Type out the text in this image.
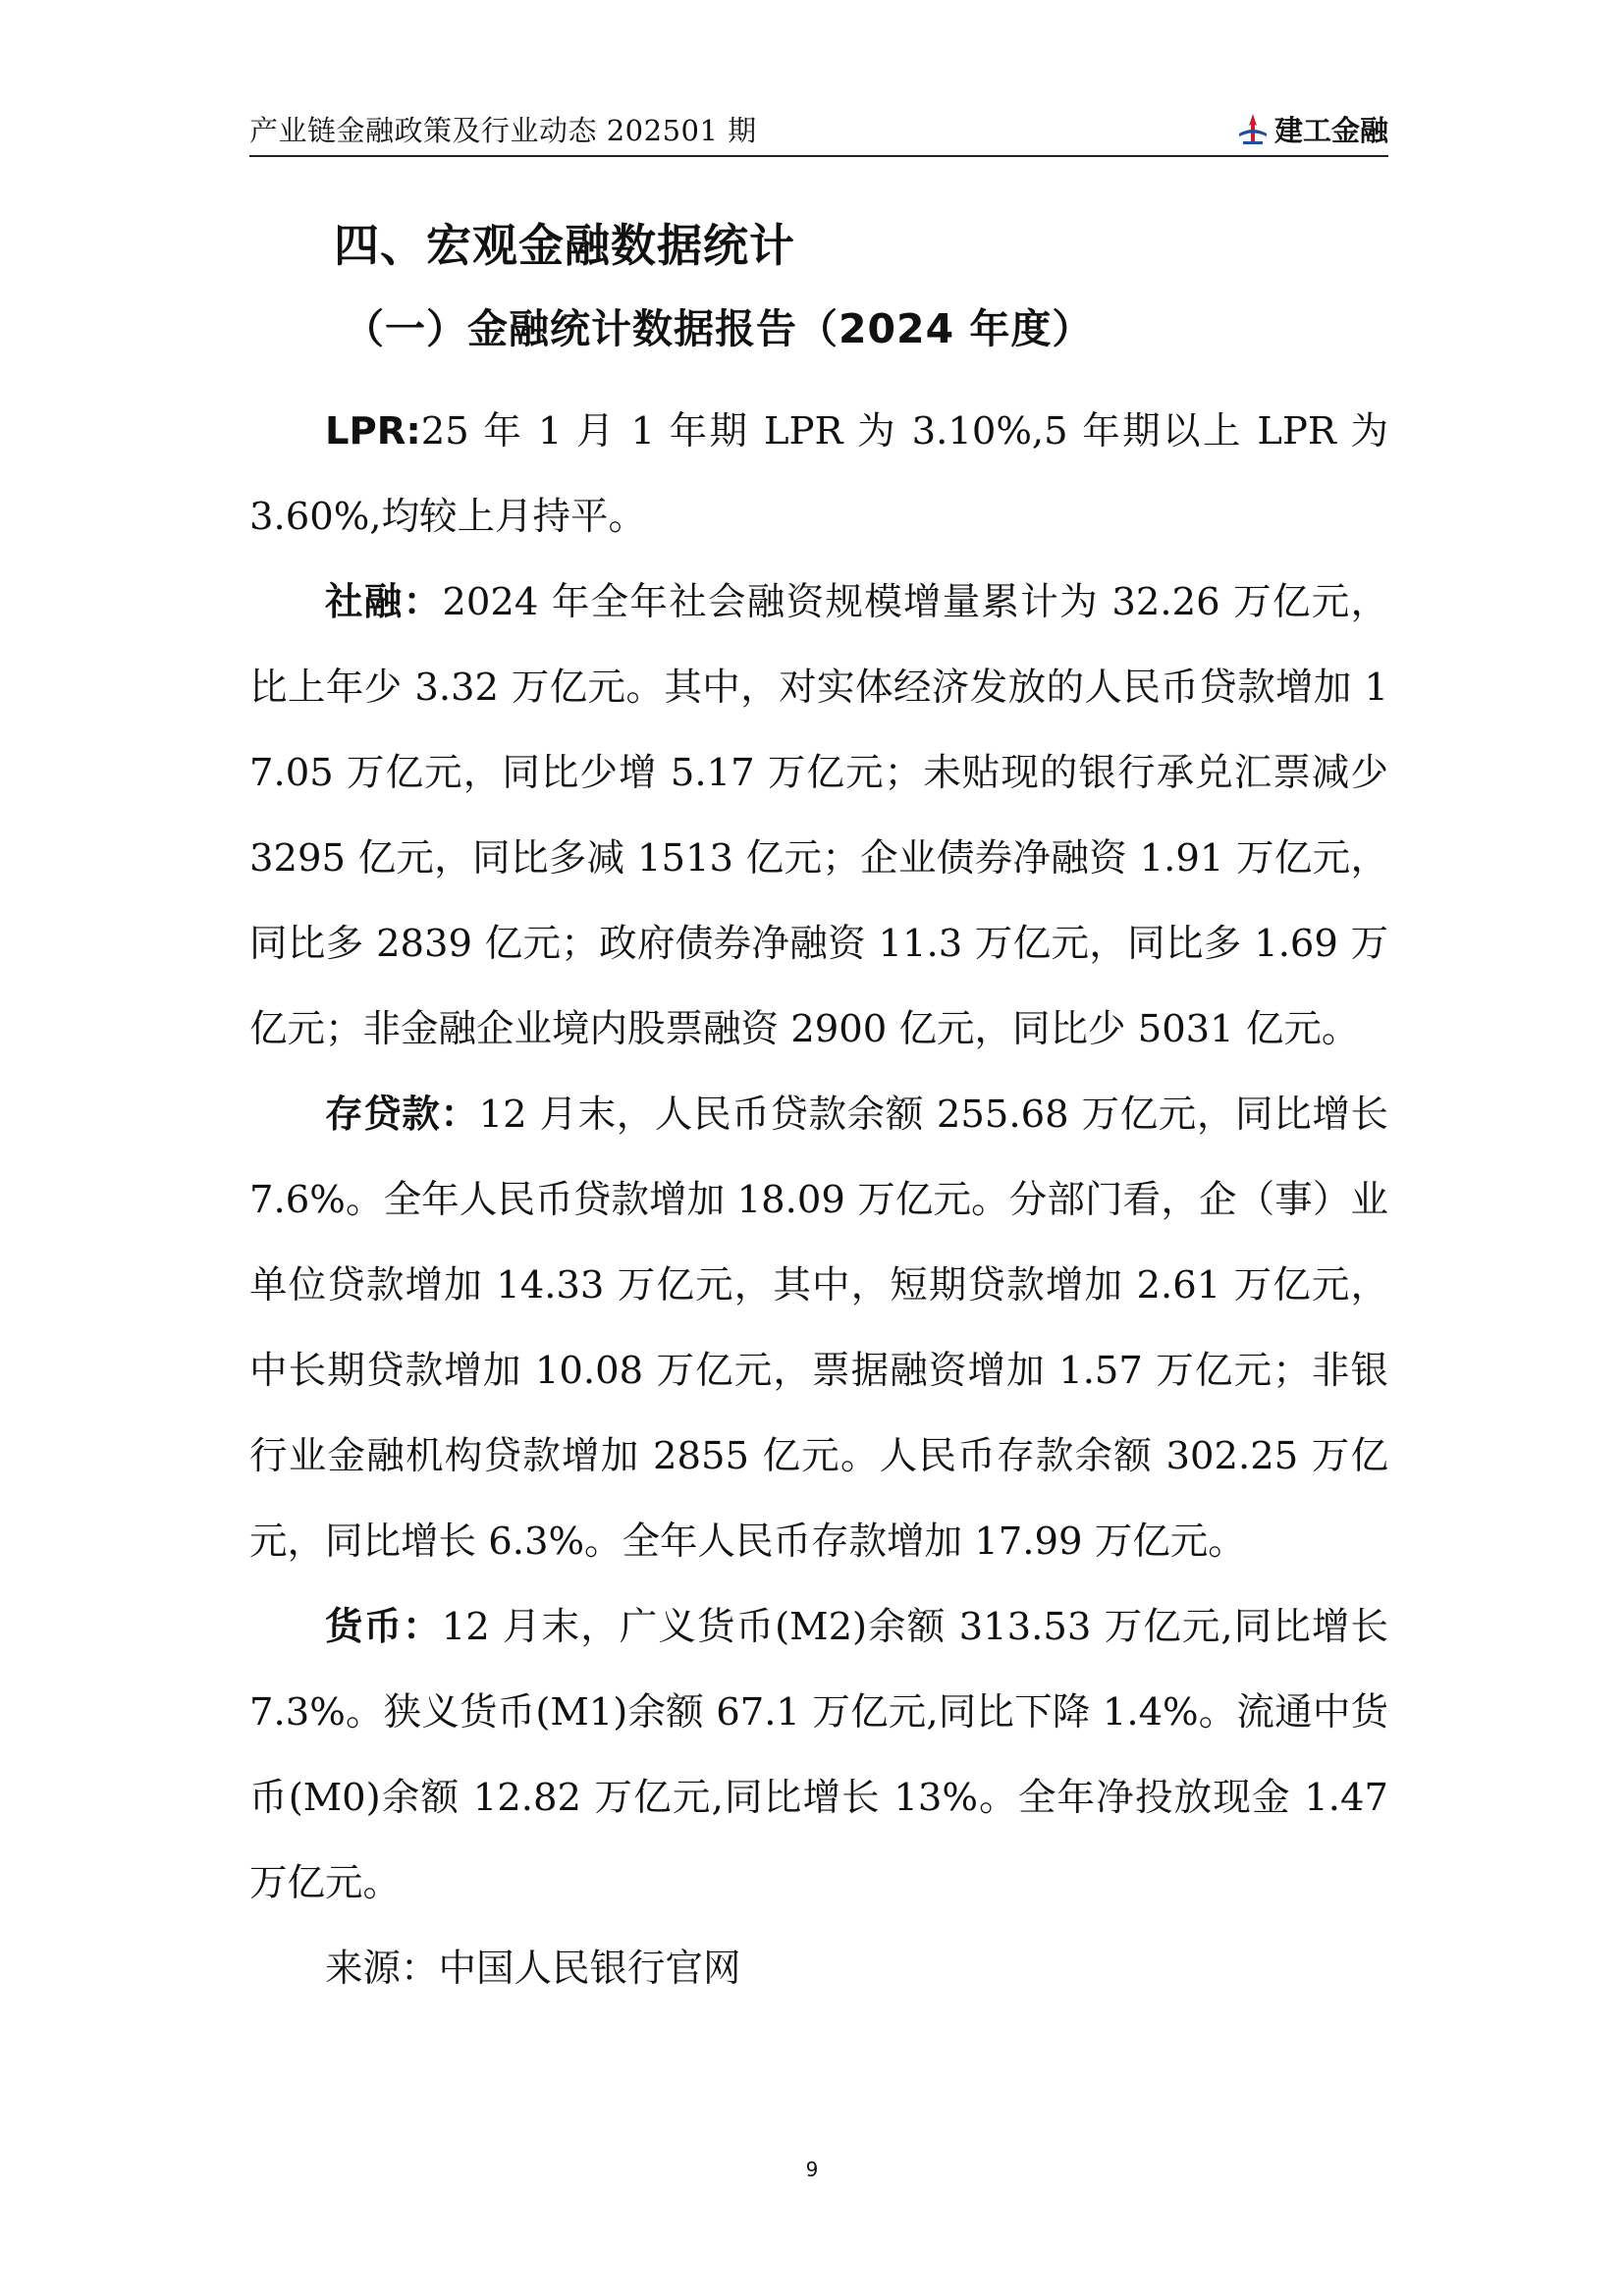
产业链金融政策及行业动态 202501 期	建工金融
四、宏观金融数据统计
（一）金融统计数据报告（2024 年度）

LPR:25 年 1 月 1 年期 LPR 为 3.10%,5 年期以上 LPR 为 3.60%,均较上月持平。

社融：2024 年全年社会融资规模增量累计为 32.26 万亿元，比上年少 3.32 万亿元。其中，对实体经济发放的人民币贷款增加 17.05 万亿元，同比少增 5.17 万亿元；未贴现的银行承兑汇票减少 3295 亿元，同比多减 1513 亿元；企业债券净融资 1.91 万亿元，同比多 2839 亿元；政府债券净融资 11.3 万亿元，同比多 1.69 万亿元；非金融企业境内股票融资 2900 亿元，同比少 5031 亿元。

存贷款：12 月末，人民币贷款余额 255.68 万亿元，同比增长 7.6%。全年人民币贷款增加 18.09 万亿元。分部门看，企（事）业单位贷款增加 14.33 万亿元，其中，短期贷款增加 2.61 万亿元，中长期贷款增加 10.08 万亿元，票据融资增加 1.57 万亿元；非银行业金融机构贷款增加 2855 亿元。人民币存款余额 302.25 万亿元，同比增长 6.3%。全年人民币存款增加 17.99 万亿元。

货币：12 月末，广义货币(M2)余额 313.53 万亿元,同比增长 7.3%。狭义货币(M1)余额 67.1 万亿元,同比下降 1.4%。流通中货币(M0)余额 12.82 万亿元,同比增长 13%。全年净投放现金 1.47 万亿元。

来源：中国人民银行官网

9
